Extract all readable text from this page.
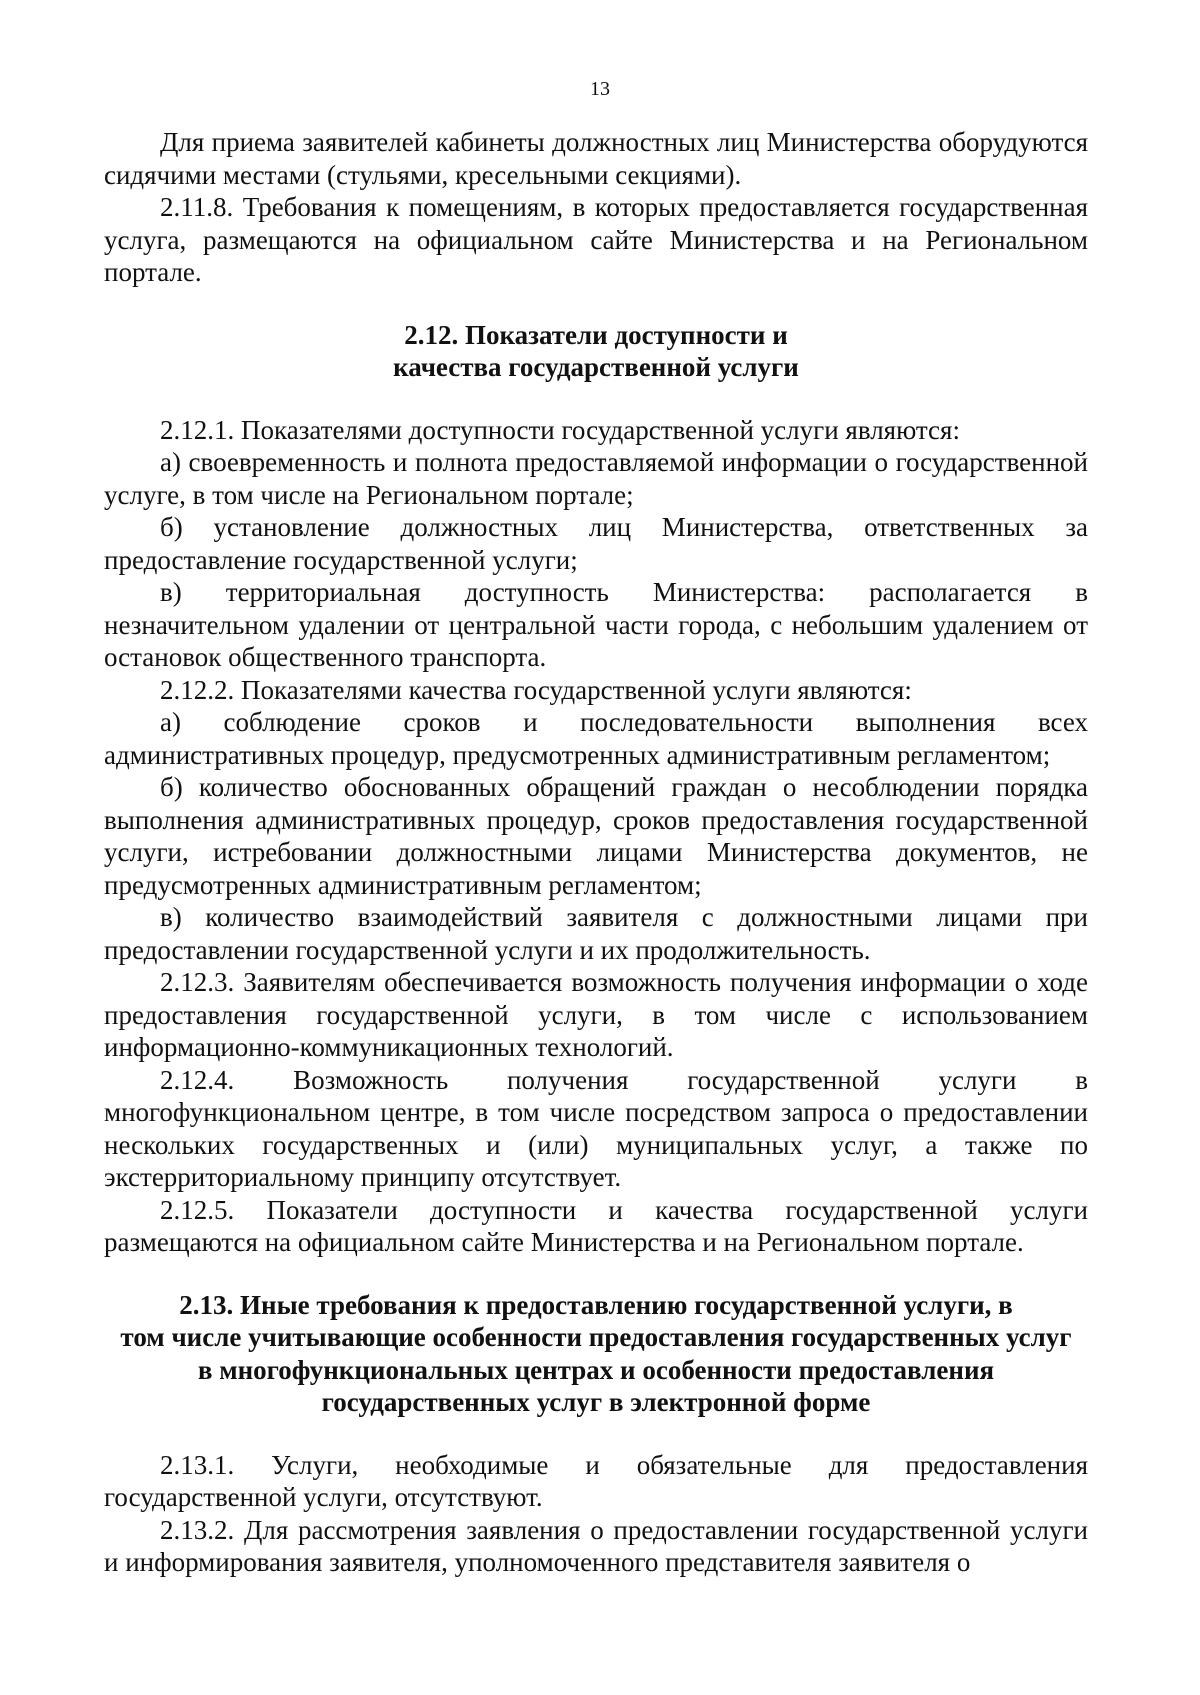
13

Для приема заявителей кабинеты должностных лиц Министерства оборудуются сидячими местами (стульями, кресельными секциями).

2.11.8. Требования к помещениям, в которых предоставляется государственная услуга, размещаются на официальном сайте Министерства и на Региональном портале.

2.12. Показатели доступности и
качества государственной услуги

2.12.1. Показателями доступности государственной услуги являются:

а) своевременность и полнота предоставляемой информации о государственной услуге, в том числе на Региональном портале;

б) установление должностных лиц Министерства, ответственных за предоставление государственной услуги;

в) территориальная доступность Министерства: располагается в незначительном удалении от центральной части города, с небольшим удалением от остановок общественного транспорта.

2.12.2. Показателями качества государственной услуги являются:

а) соблюдение сроков и последовательности выполнения всех административных процедур, предусмотренных административным регламентом;

б) количество обоснованных обращений граждан о несоблюдении порядка выполнения административных процедур, сроков предоставления государственной услуги, истребовании должностными лицами Министерства документов, не предусмотренных административным регламентом;

в) количество взаимодействий заявителя с должностными лицами при предоставлении государственной услуги и их продолжительность.

2.12.3. Заявителям обеспечивается возможность получения информации о ходе предоставления государственной услуги, в том числе с использованием информационно-коммуникационных технологий.

2.12.4. Возможность получения государственной услуги в многофункциональном центре, в том числе посредством запроса о предоставлении нескольких государственных и (или) муниципальных услуг, а также по экстерриториальному принципу отсутствует.

2.12.5. Показатели доступности и качества государственной услуги размещаются на официальном сайте Министерства и на Региональном портале.

2.13. Иные требования к предоставлению государственной услуги, в
том числе учитывающие особенности предоставления государственных услуг
в многофункциональных центрах и особенности предоставления
государственных услуг в электронной форме

2.13.1. Услуги, необходимые и обязательные для предоставления государственной услуги, отсутствуют.

2.13.2. Для рассмотрения заявления о предоставлении государственной услуги и информирования заявителя, уполномоченного представителя заявителя о
